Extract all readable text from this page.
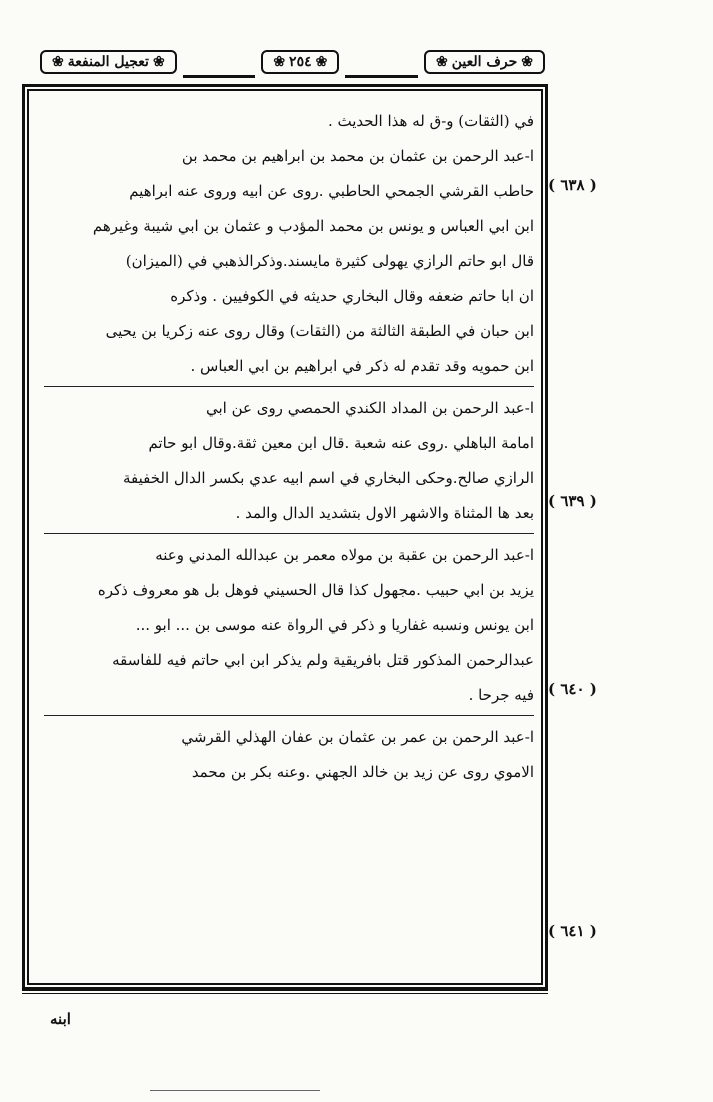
❀
تعجيل المنفعة
❀	❀
٢٥٤
❀	❀
حرف العين
❀
في (الثقات) و-ق له هذا الحديث .
ا-عبد الرحمن بن عثمان بن محمد بن ابراهيم بن محمد بن
حاطب القرشي الجمحي الحاطبي .روى عن ابيه وروى عنه ابراهيم
ابن ابي العباس و يونس بن محمد المؤدب و عثمان بن ابي شيبة وغيرهم
قال ابو حاتم الرازي يهولى كثيرة مايسند.وذكرالذهبي في (الميزان)
ان ابا حاتم ضعفه وقال البخاري حديثه في الكوفيين . وذكره
ابن حبان في الطبقة الثالثة من (الثقات) وقال روى عنه زكريا بن يحيى
ابن حمويه وقد تقدم له ذكر في ابراهيم بن ابي العباس .
ا-عبد الرحمن بن المداد الكندي الحمصي روى عن ابي
امامة الباهلي .روى عنه شعبة .قال ابن معين ثقة.وقال ابو حاتم
الرازي صالح.وحكى البخاري في اسم ابيه عدي بكسر الدال الخفيفة
بعد ها المثناة والاشهر الاول بتشديد الدال والمد .
ا-عبد الرحمن بن عقبة بن مولاه معمر بن عبدالله المدني وعنه
يزيد بن ابي حبيب .مجهول كذا قال الحسيني فوهل بل هو معروف ذكره
ابن يونس ونسبه غفاريا و ذكر في الرواة عنه موسى بن ... ابو ...
عبدالرحمن المذكور قتل بافريقية ولم يذكر ابن ابي حاتم فيه للفاسقه
فيه جرحا .
ا-عبد الرحمن بن عمر بن عثمان بن عفان الهذلي القرشي
الاموي روى عن زيد بن خالد الجهني .وعنه بكر بن محمد
( ٦٣٨ )
( ٦٣٩ )
( ٦٤٠ )
( ٦٤١ )
ابنه
